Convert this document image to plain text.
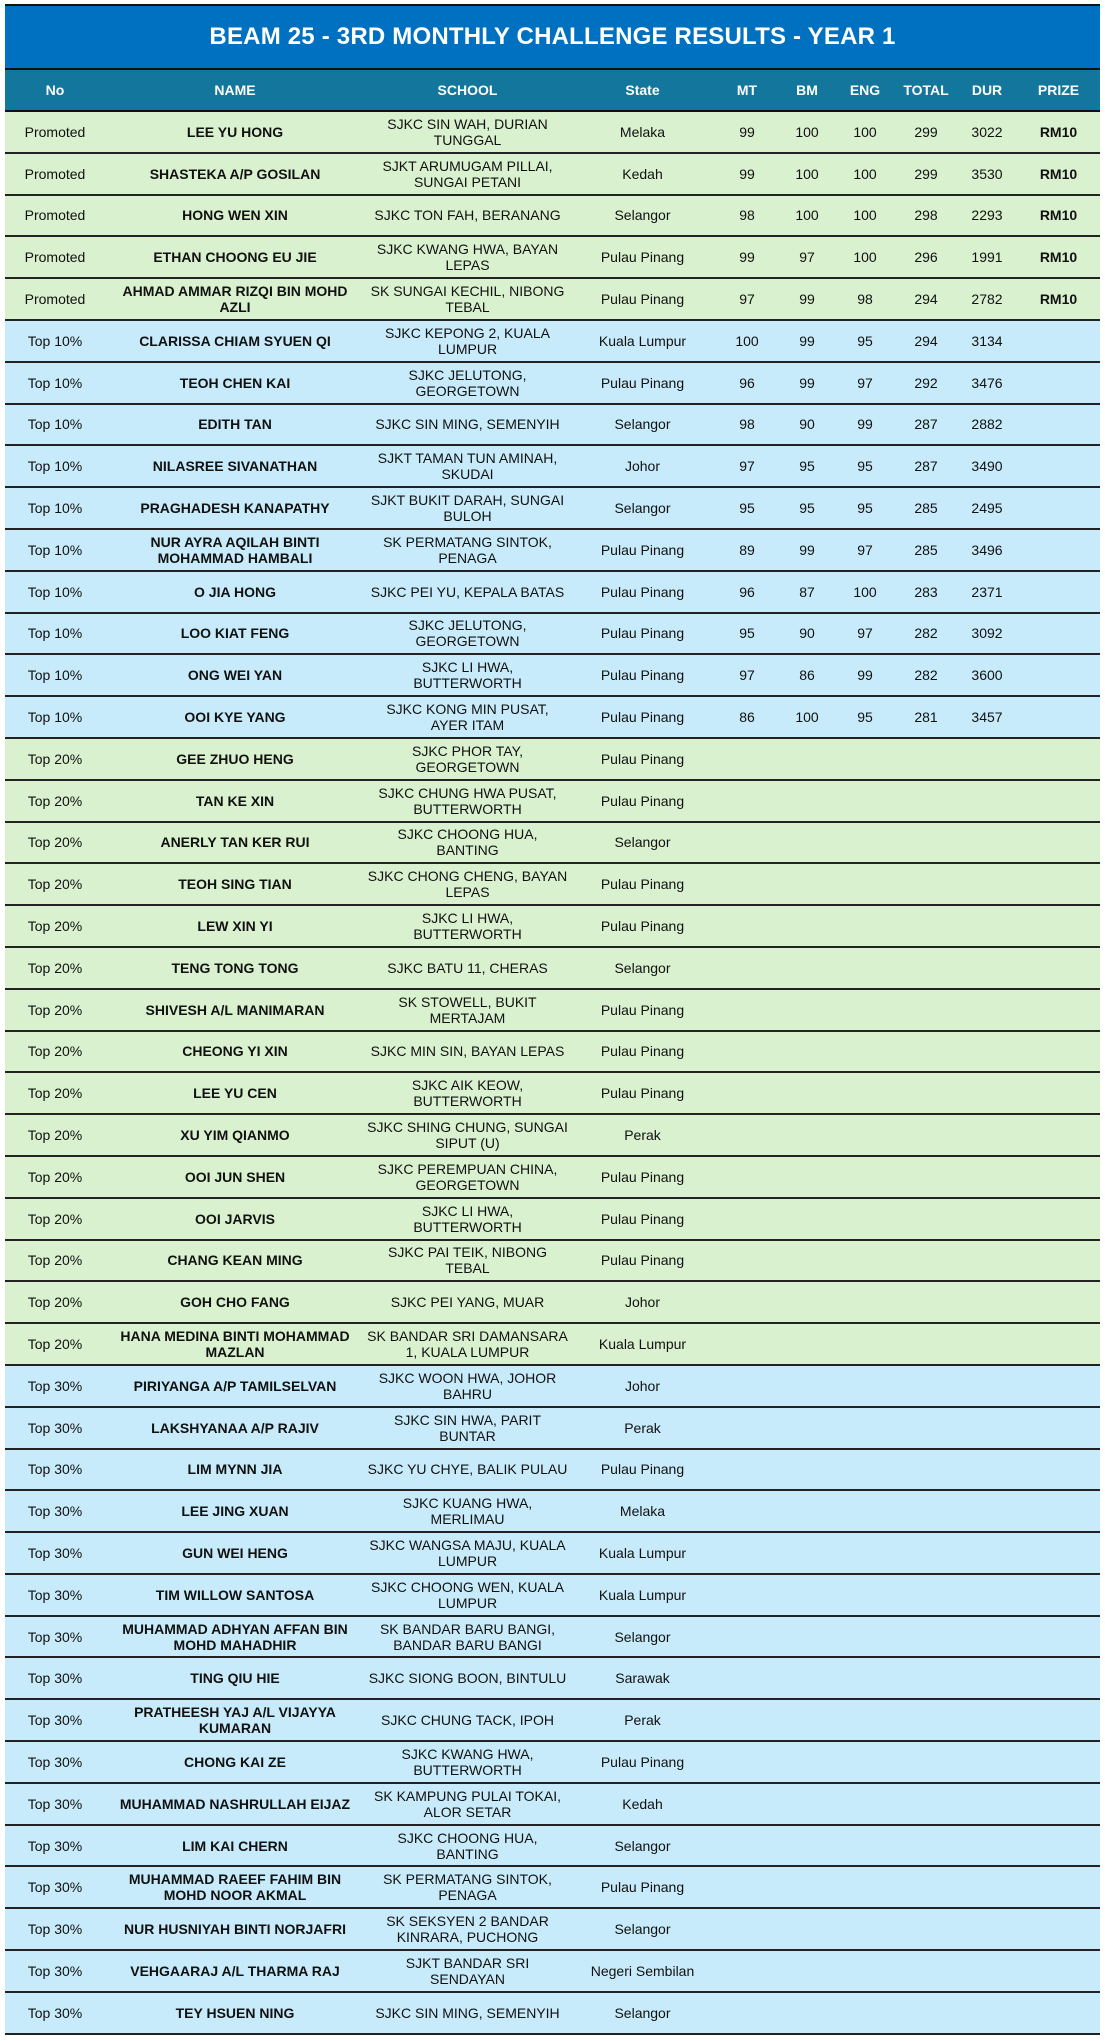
BEAM 25 - 3RD MONTHLY CHALLENGE RESULTS - YEAR 1
No	NAME	SCHOOL	State	MT	BM	ENG	TOTAL	DUR	PRIZE
Promoted	LEE YU HONG	SJKC SIN WAH, DURIAN TUNGGAL	Melaka	99	100	100	299	3022	RM10
Promoted	SHASTEKA A/P GOSILAN	SJKT ARUMUGAM PILLAI, SUNGAI PETANI	Kedah	99	100	100	299	3530	RM10
Promoted	HONG WEN XIN	SJKC TON FAH, BERANANG	Selangor	98	100	100	298	2293	RM10
Promoted	ETHAN CHOONG EU JIE	SJKC KWANG HWA, BAYAN LEPAS	Pulau Pinang	99	97	100	296	1991	RM10
Promoted	AHMAD AMMAR RIZQI BIN MOHD AZLI	SK SUNGAI KECHIL, NIBONG TEBAL	Pulau Pinang	97	99	98	294	2782	RM10
Top 10%	CLARISSA CHIAM SYUEN QI	SJKC KEPONG 2, KUALA LUMPUR	Kuala Lumpur	100	99	95	294	3134	
Top 10%	TEOH CHEN KAI	SJKC JELUTONG, GEORGETOWN	Pulau Pinang	96	99	97	292	3476	
Top 10%	EDITH TAN	SJKC SIN MING, SEMENYIH	Selangor	98	90	99	287	2882	
Top 10%	NILASREE SIVANATHAN	SJKT TAMAN TUN AMINAH, SKUDAI	Johor	97	95	95	287	3490	
Top 10%	PRAGHADESH KANAPATHY	SJKT BUKIT DARAH, SUNGAI BULOH	Selangor	95	95	95	285	2495	
Top 10%	NUR AYRA AQILAH BINTI MOHAMMAD HAMBALI	SK PERMATANG SINTOK, PENAGA	Pulau Pinang	89	99	97	285	3496	
Top 10%	O JIA HONG	SJKC PEI YU, KEPALA BATAS	Pulau Pinang	96	87	100	283	2371	
Top 10%	LOO KIAT FENG	SJKC JELUTONG, GEORGETOWN	Pulau Pinang	95	90	97	282	3092	
Top 10%	ONG WEI YAN	SJKC LI HWA, BUTTERWORTH	Pulau Pinang	97	86	99	282	3600	
Top 10%	OOI KYE YANG	SJKC KONG MIN PUSAT, AYER ITAM	Pulau Pinang	86	100	95	281	3457	
Top 20%	GEE ZHUO HENG	SJKC PHOR TAY, GEORGETOWN	Pulau Pinang						
Top 20%	TAN KE XIN	SJKC CHUNG HWA PUSAT, BUTTERWORTH	Pulau Pinang						
Top 20%	ANERLY TAN KER RUI	SJKC CHOONG HUA, BANTING	Selangor						
Top 20%	TEOH SING TIAN	SJKC CHONG CHENG, BAYAN LEPAS	Pulau Pinang						
Top 20%	LEW XIN YI	SJKC LI HWA, BUTTERWORTH	Pulau Pinang						
Top 20%	TENG TONG TONG	SJKC BATU 11, CHERAS	Selangor						
Top 20%	SHIVESH A/L MANIMARAN	SK STOWELL, BUKIT MERTAJAM	Pulau Pinang						
Top 20%	CHEONG YI XIN	SJKC MIN SIN, BAYAN LEPAS	Pulau Pinang						
Top 20%	LEE YU CEN	SJKC AIK KEOW, BUTTERWORTH	Pulau Pinang						
Top 20%	XU YIM QIANMO	SJKC SHING CHUNG, SUNGAI SIPUT (U)	Perak						
Top 20%	OOI JUN SHEN	SJKC PEREMPUAN CHINA, GEORGETOWN	Pulau Pinang						
Top 20%	OOI JARVIS	SJKC LI HWA, BUTTERWORTH	Pulau Pinang						
Top 20%	CHANG KEAN MING	SJKC PAI TEIK, NIBONG TEBAL	Pulau Pinang						
Top 20%	GOH CHO FANG	SJKC PEI YANG, MUAR	Johor						
Top 20%	HANA MEDINA BINTI MOHAMMAD MAZLAN	SK BANDAR SRI DAMANSARA 1, KUALA LUMPUR	Kuala Lumpur						
Top 30%	PIRIYANGA A/P TAMILSELVAN	SJKC WOON HWA, JOHOR BAHRU	Johor						
Top 30%	LAKSHYANAA A/P RAJIV	SJKC SIN HWA, PARIT BUNTAR	Perak						
Top 30%	LIM MYNN JIA	SJKC YU CHYE, BALIK PULAU	Pulau Pinang						
Top 30%	LEE JING XUAN	SJKC KUANG HWA, MERLIMAU	Melaka						
Top 30%	GUN WEI HENG	SJKC WANGSA MAJU, KUALA LUMPUR	Kuala Lumpur						
Top 30%	TIM WILLOW SANTOSA	SJKC CHOONG WEN, KUALA LUMPUR	Kuala Lumpur						
Top 30%	MUHAMMAD ADHYAN AFFAN BIN MOHD MAHADHIR	SK BANDAR BARU BANGI, BANDAR BARU BANGI	Selangor						
Top 30%	TING QIU HIE	SJKC SIONG BOON, BINTULU	Sarawak						
Top 30%	PRATHEESH YAJ A/L VIJAYYA KUMARAN	SJKC CHUNG TACK, IPOH	Perak						
Top 30%	CHONG KAI ZE	SJKC KWANG HWA, BUTTERWORTH	Pulau Pinang						
Top 30%	MUHAMMAD NASHRULLAH EIJAZ	SK KAMPUNG PULAI TOKAI, ALOR SETAR	Kedah						
Top 30%	LIM KAI CHERN	SJKC CHOONG HUA, BANTING	Selangor						
Top 30%	MUHAMMAD RAEEF FAHIM BIN MOHD NOOR AKMAL	SK PERMATANG SINTOK, PENAGA	Pulau Pinang						
Top 30%	NUR HUSNIYAH BINTI NORJAFRI	SK SEKSYEN 2 BANDAR KINRARA, PUCHONG	Selangor						
Top 30%	VEHGAARAJ A/L THARMA RAJ	SJKT BANDAR SRI SENDAYAN	Negeri Sembilan						
Top 30%	TEY HSUEN NING	SJKC SIN MING, SEMENYIH	Selangor						
